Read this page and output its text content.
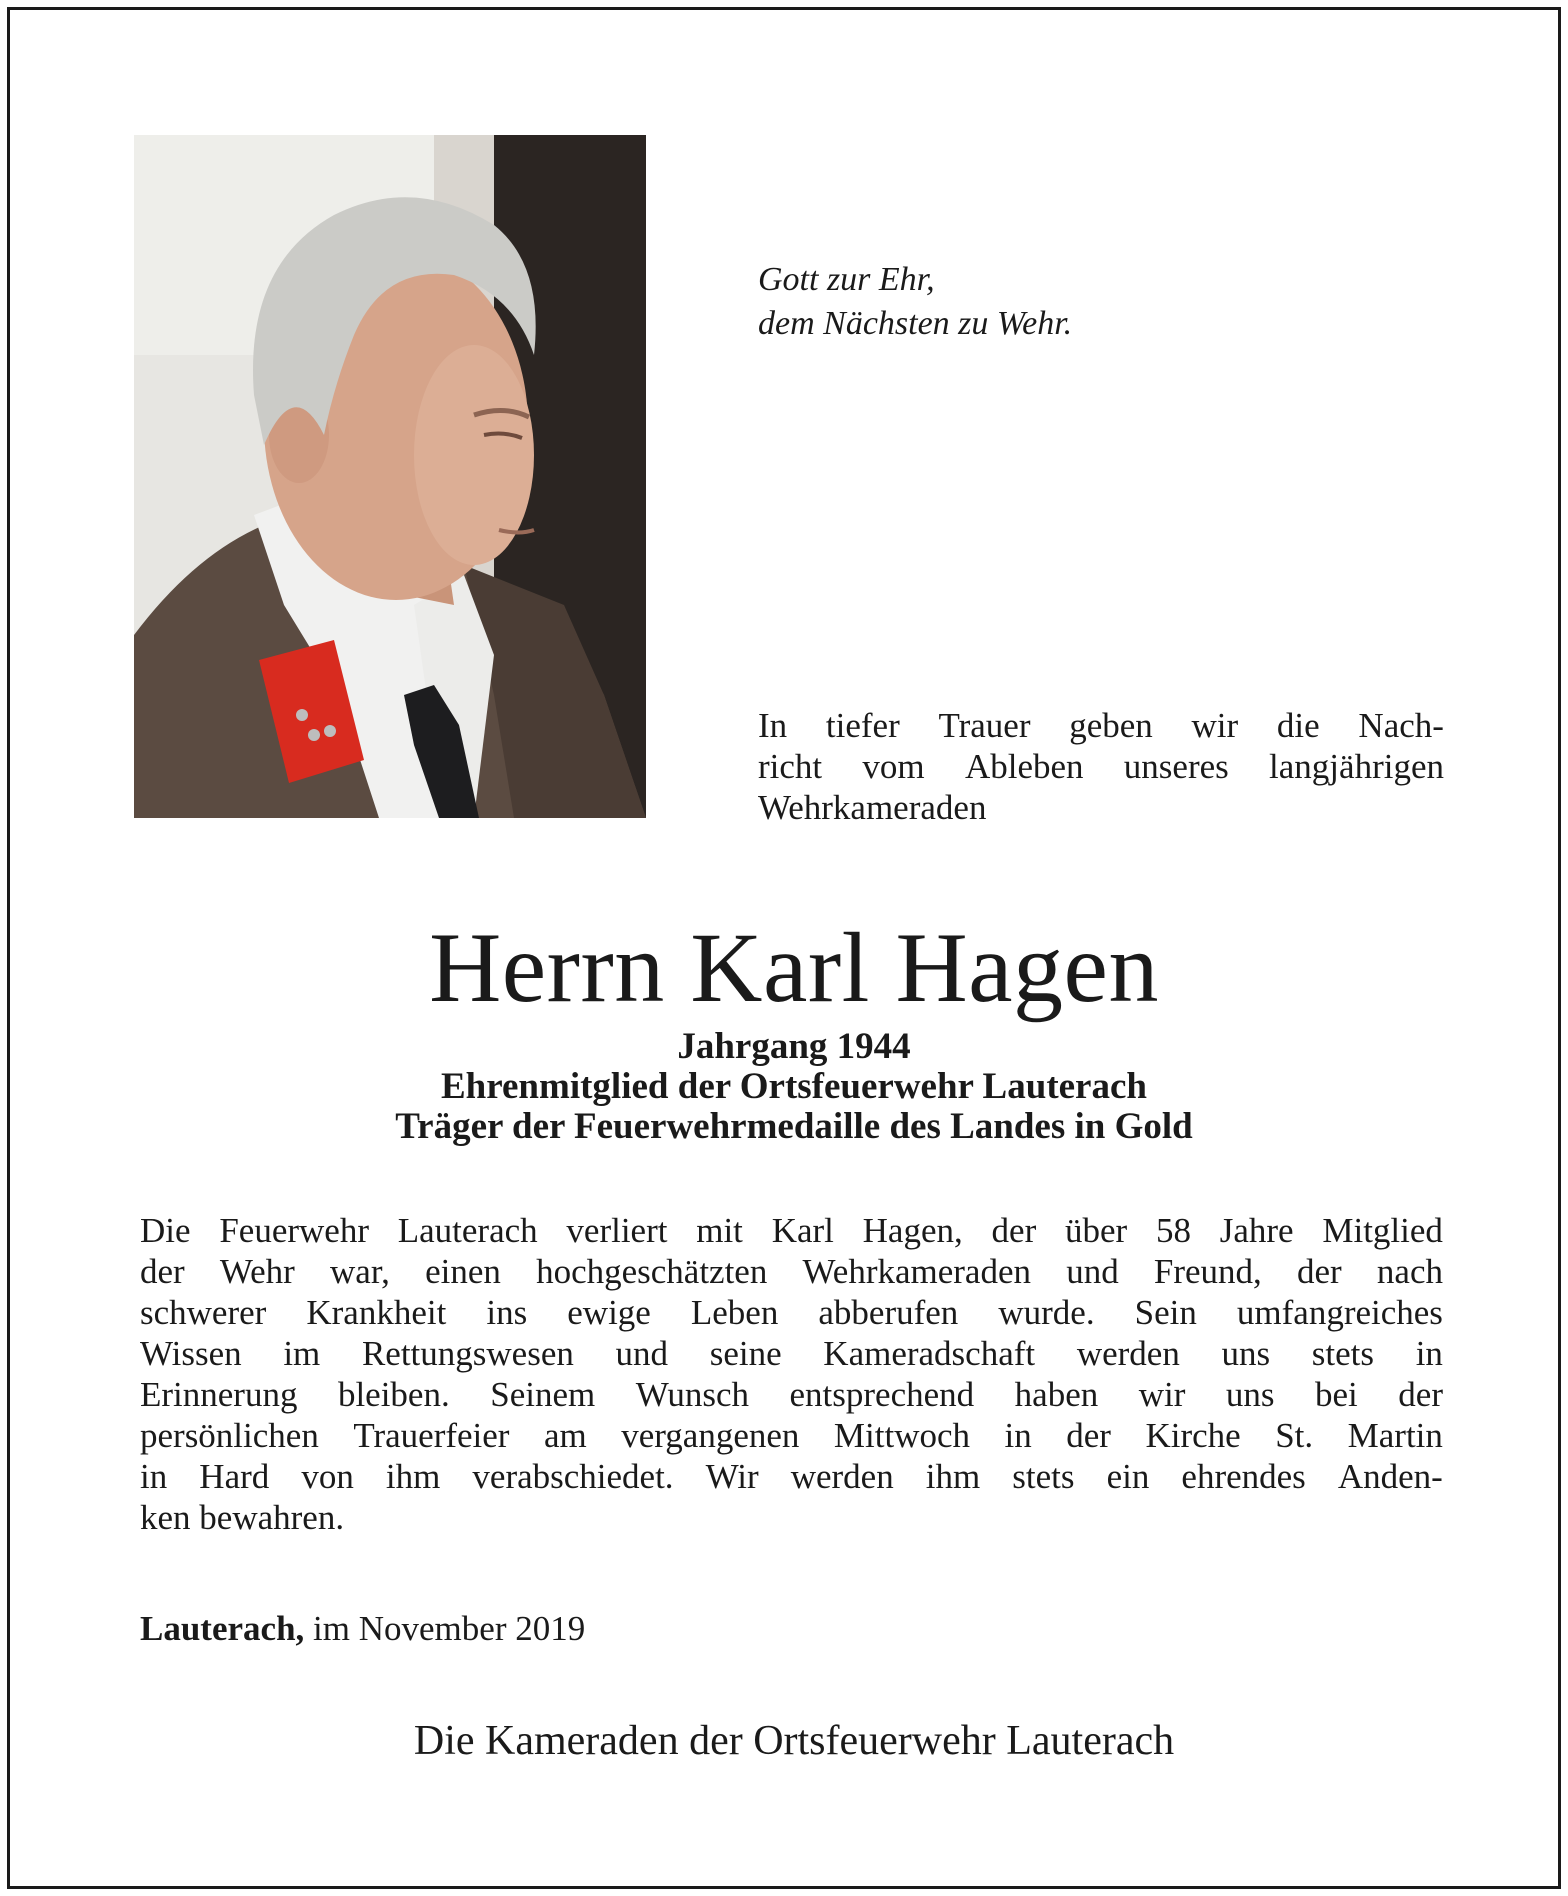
Gott zur Ehr,
dem Nächsten zu Wehr.
In tiefer Trauer geben wir die Nach-
richt vom Ableben unseres langjährigen
Wehrkameraden
Herrn Karl Hagen
Jahrgang 1944
Ehrenmitglied der Ortsfeuerwehr Lauterach
Träger der Feuerwehrmedaille des Landes in Gold
Die Feuerwehr Lauterach verliert mit Karl Hagen, der über 58 Jahre Mitglied
der Wehr war, einen hochgeschätzten Wehrkameraden und Freund, der nach
schwerer Krankheit ins ewige Leben abberufen wurde. Sein umfangreiches
Wissen im Rettungswesen und seine Kameradschaft werden uns stets in
Erinnerung bleiben. Seinem Wunsch entsprechend haben wir uns bei der
persönlichen Trauerfeier am vergangenen Mittwoch in der Kirche St. Martin
in Hard von ihm verabschiedet. Wir werden ihm stets ein ehrendes Anden-
ken bewahren.
Lauterach, im November 2019
Die Kameraden der Ortsfeuerwehr Lauterach
